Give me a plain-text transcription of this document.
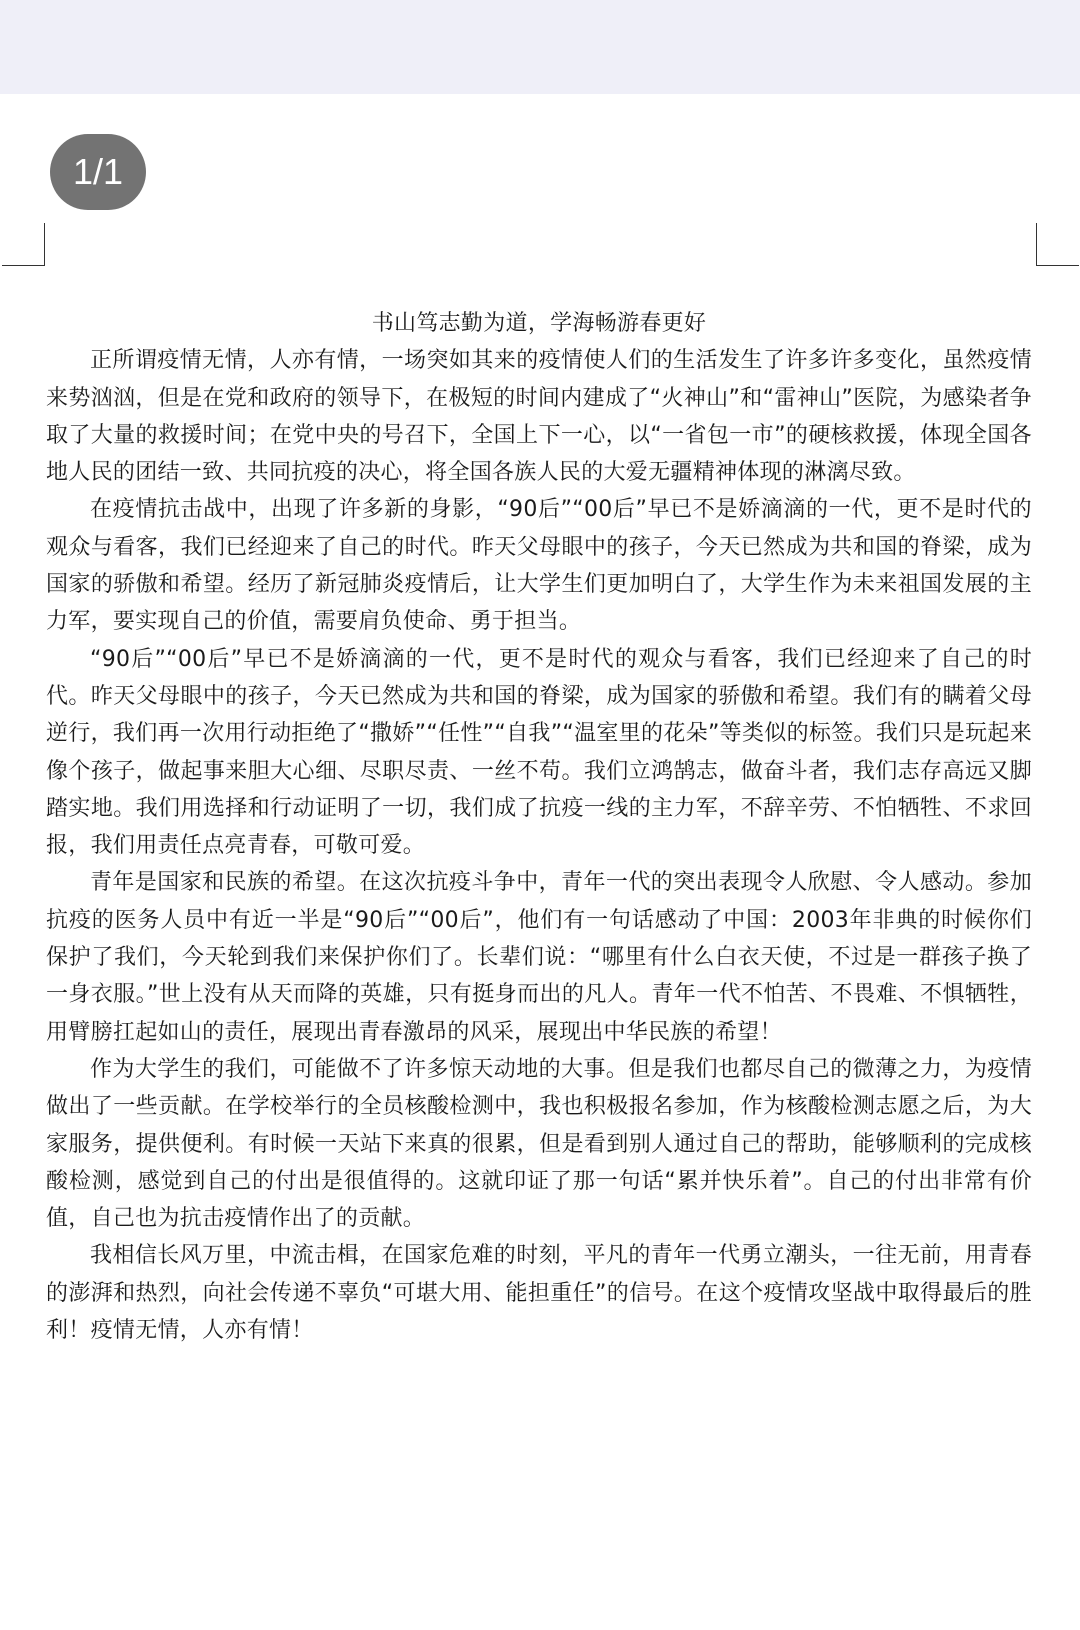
1/1
书山笃志勤为道，学海畅游春更好

正所谓疫情无情，人亦有情，一场突如其来的疫情使人们的生活发生了许多许多变化，虽然疫情来势汹汹，但是在党和政府的领导下，在极短的时间内建成了“火神山”和“雷神山”医院，为感染者争取了大量的救援时间；在党中央的号召下，全国上下一心，以“一省包一市”的硬核救援，体现全国各地人民的团结一致、共同抗疫的决心，将全国各族人民的大爱无疆精神体现的淋漓尽致。

在疫情抗击战中，出现了许多新的身影，“90后”“00后”早已不是娇滴滴的一代，更不是时代的观众与看客，我们已经迎来了自己的时代。昨天父母眼中的孩子，今天已然成为共和国的脊梁，成为国家的骄傲和希望。经历了新冠肺炎疫情后，让大学生们更加明白了，大学生作为未来祖国发展的主力军，要实现自己的价值，需要肩负使命、勇于担当。

“90后”“00后”早已不是娇滴滴的一代，更不是时代的观众与看客，我们已经迎来了自己的时代。昨天父母眼中的孩子，今天已然成为共和国的脊梁，成为国家的骄傲和希望。我们有的瞒着父母逆行，我们再一次用行动拒绝了“撒娇”“任性”“自我”“温室里的花朵”等类似的标签。我们只是玩起来像个孩子，做起事来胆大心细、尽职尽责、一丝不苟。我们立鸿鹄志，做奋斗者，我们志存高远又脚踏实地。我们用选择和行动证明了一切，我们成了抗疫一线的主力军，不辞辛劳、不怕牺牲、不求回报，我们用责任点亮青春，可敬可爱。

青年是国家和民族的希望。在这次抗疫斗争中，青年一代的突出表现令人欣慰、令人感动。参加抗疫的医务人员中有近一半是“90后”“00后”，他们有一句话感动了中国：2003年非典的时候你们保护了我们，今天轮到我们来保护你们了。长辈们说：“哪里有什么白衣天使，不过是一群孩子换了一身衣服。”世上没有从天而降的英雄，只有挺身而出的凡人。青年一代不怕苦、不畏难、不惧牺牲，用臂膀扛起如山的责任，展现出青春激昂的风采，展现出中华民族的希望！

作为大学生的我们，可能做不了许多惊天动地的大事。但是我们也都尽自己的微薄之力，为疫情做出了一些贡献。在学校举行的全员核酸检测中，我也积极报名参加，作为核酸检测志愿之后，为大家服务，提供便利。有时候一天站下来真的很累，但是看到别人通过自己的帮助，能够顺利的完成核酸检测，感觉到自己的付出是很值得的。这就印证了那一句话“累并快乐着”。自己的付出非常有价值，自己也为抗击疫情作出了的贡献。

我相信长风万里，中流击楫，在国家危难的时刻，平凡的青年一代勇立潮头，一往无前，用青春的澎湃和热烈，向社会传递不辜负“可堪大用、能担重任”的信号。在这个疫情攻坚战中取得最后的胜利！疫情无情，人亦有情！
